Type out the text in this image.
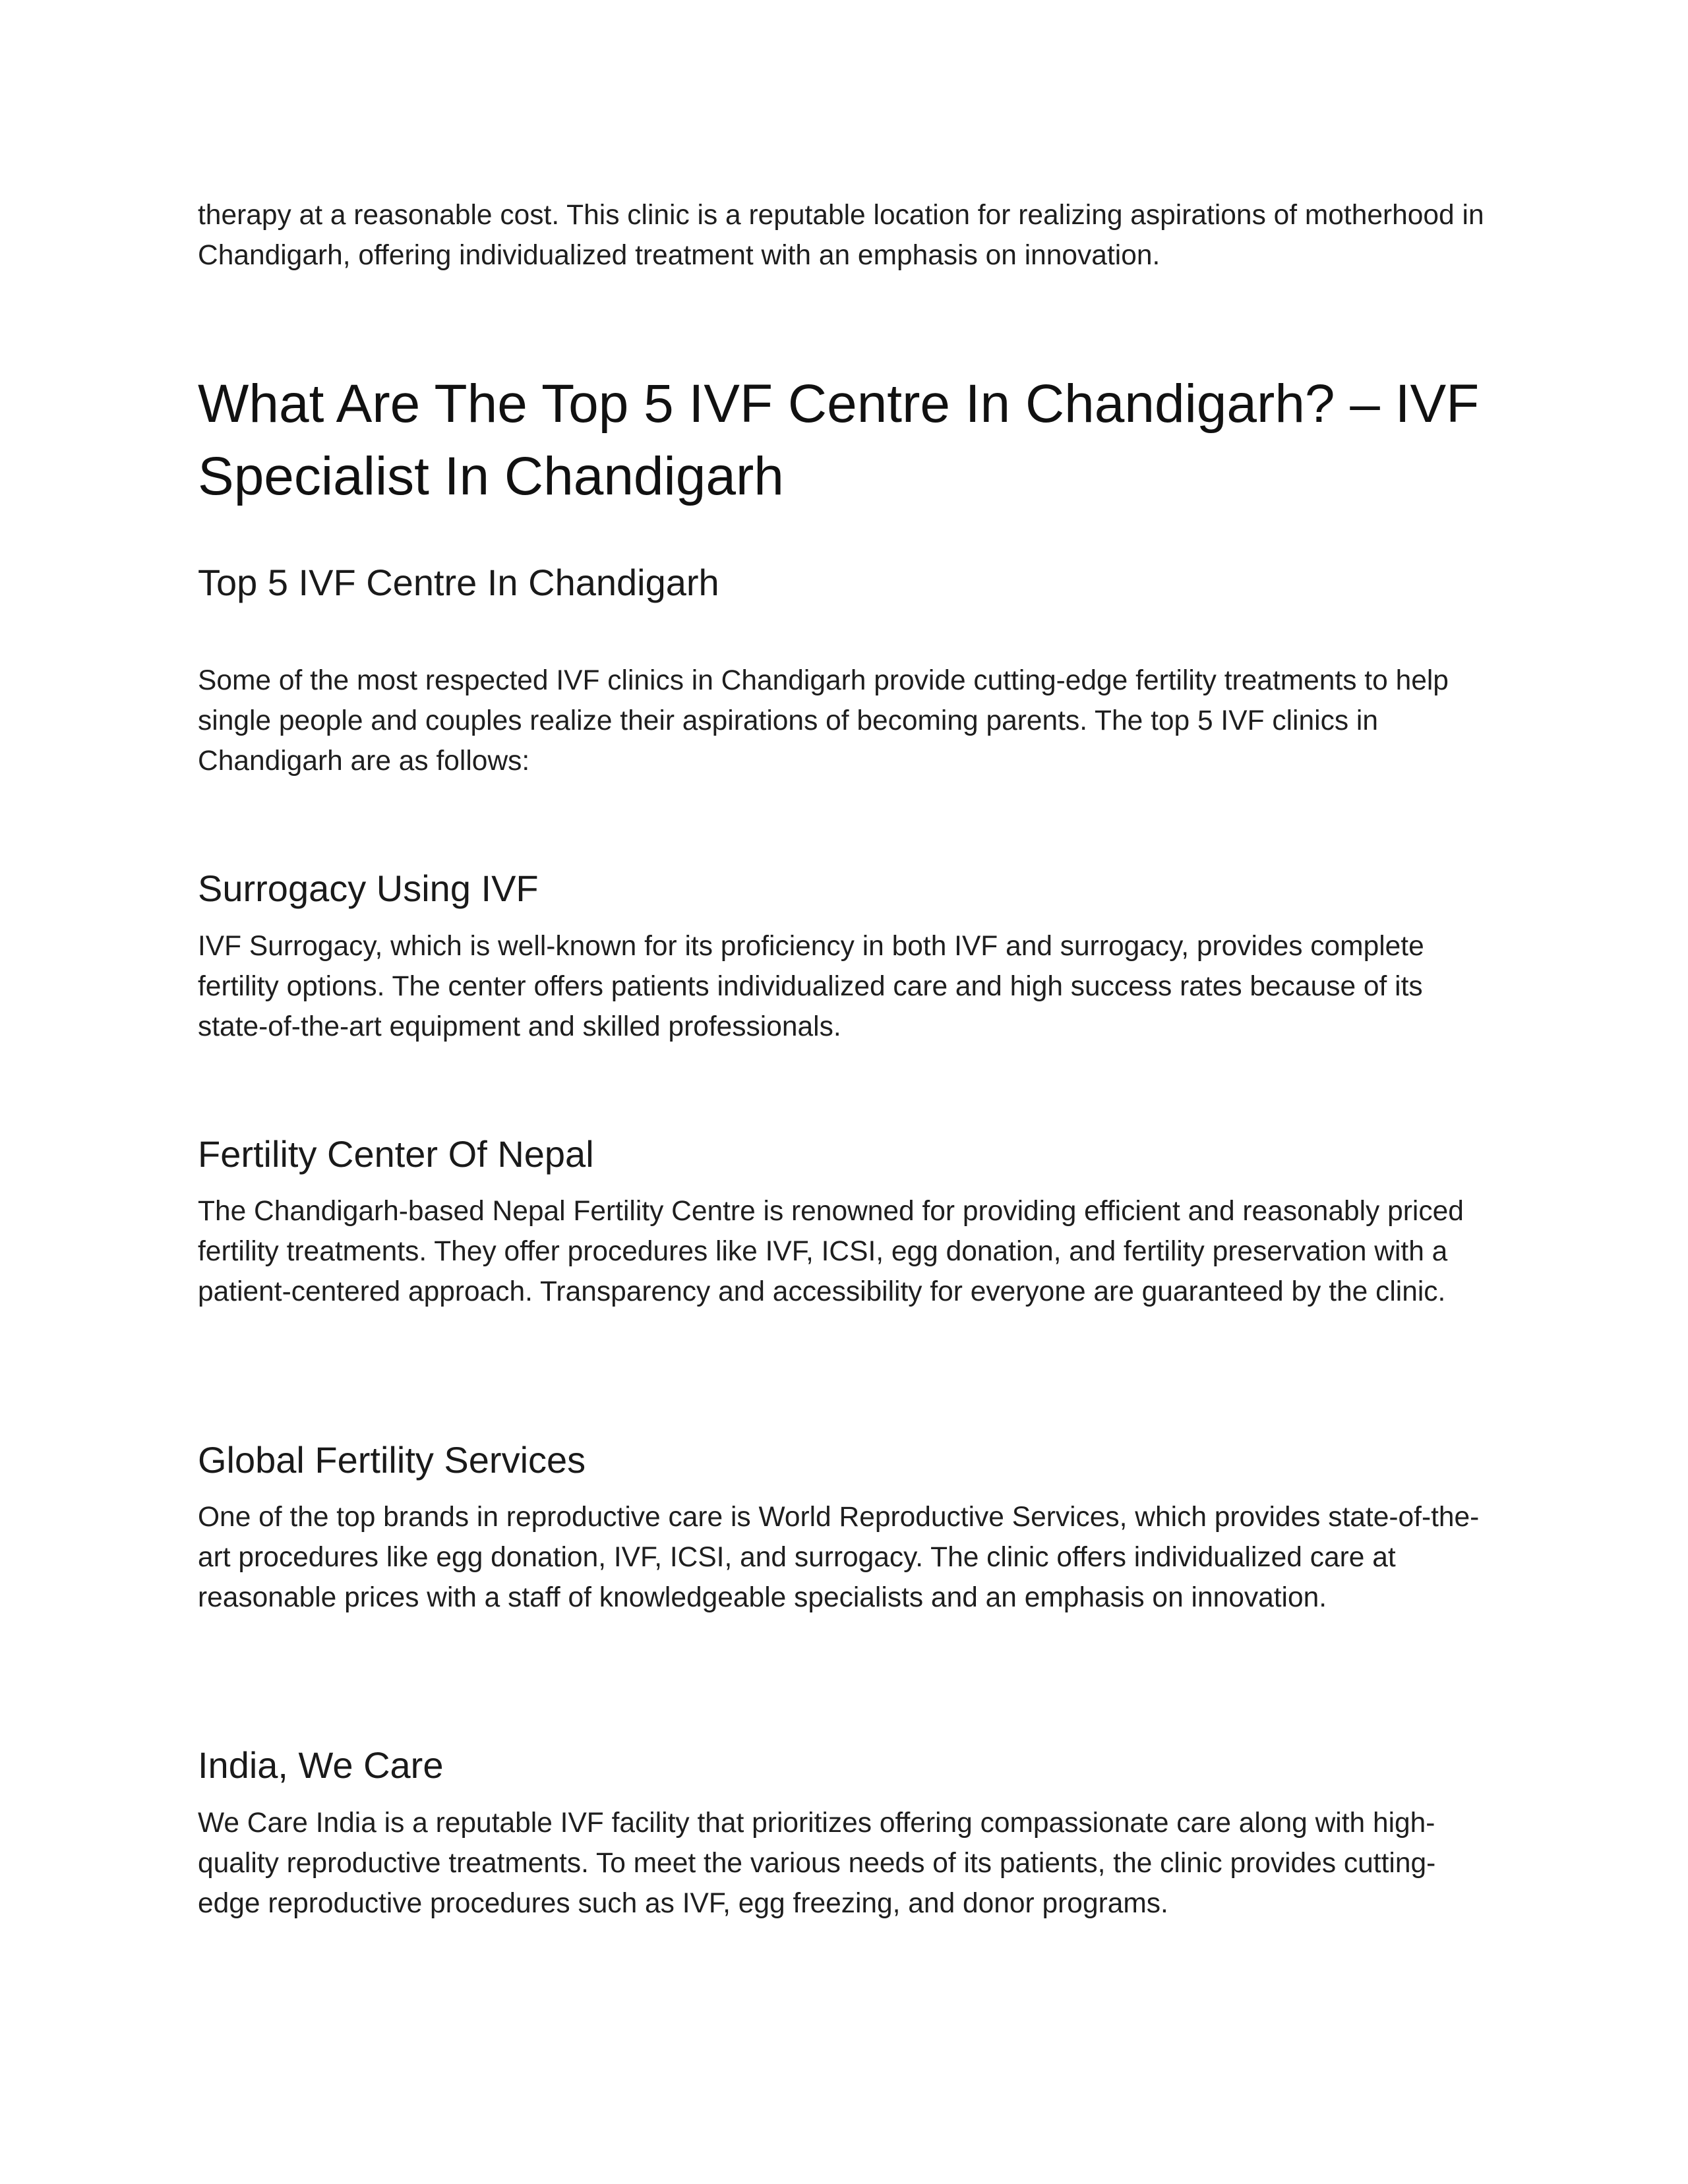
therapy at a reasonable cost. This clinic is a reputable location for realizing aspirations of motherhood in Chandigarh, offering individualized treatment with an emphasis on innovation.

What Are The Top 5 IVF Centre In Chandigarh? – IVF Specialist In Chandigarh
Top 5 IVF Centre In Chandigarh

Some of the most respected IVF clinics in Chandigarh provide cutting-edge fertility treatments to help single people and couples realize their aspirations of becoming parents. The top 5 IVF clinics in Chandigarh are as follows:

Surrogacy Using IVF

IVF Surrogacy, which is well-known for its proficiency in both IVF and surrogacy, provides complete fertility options. The center offers patients individualized care and high success rates because of its state-of-the-art equipment and skilled professionals.

Fertility Center Of Nepal

The Chandigarh-based Nepal Fertility Centre is renowned for providing efficient and reasonably priced fertility treatments. They offer procedures like IVF, ICSI, egg donation, and fertility preservation with a patient-centered approach. Transparency and accessibility for everyone are guaranteed by the clinic.

Global Fertility Services

One of the top brands in reproductive care is World Reproductive Services, which provides state-of-the-art procedures like egg donation, IVF, ICSI, and surrogacy. The clinic offers individualized care at reasonable prices with a staff of knowledgeable specialists and an emphasis on innovation.

India, We Care

We Care India is a reputable IVF facility that prioritizes offering compassionate care along with high-quality reproductive treatments. To meet the various needs of its patients, the clinic provides cutting-edge reproductive procedures such as IVF, egg freezing, and donor programs.
